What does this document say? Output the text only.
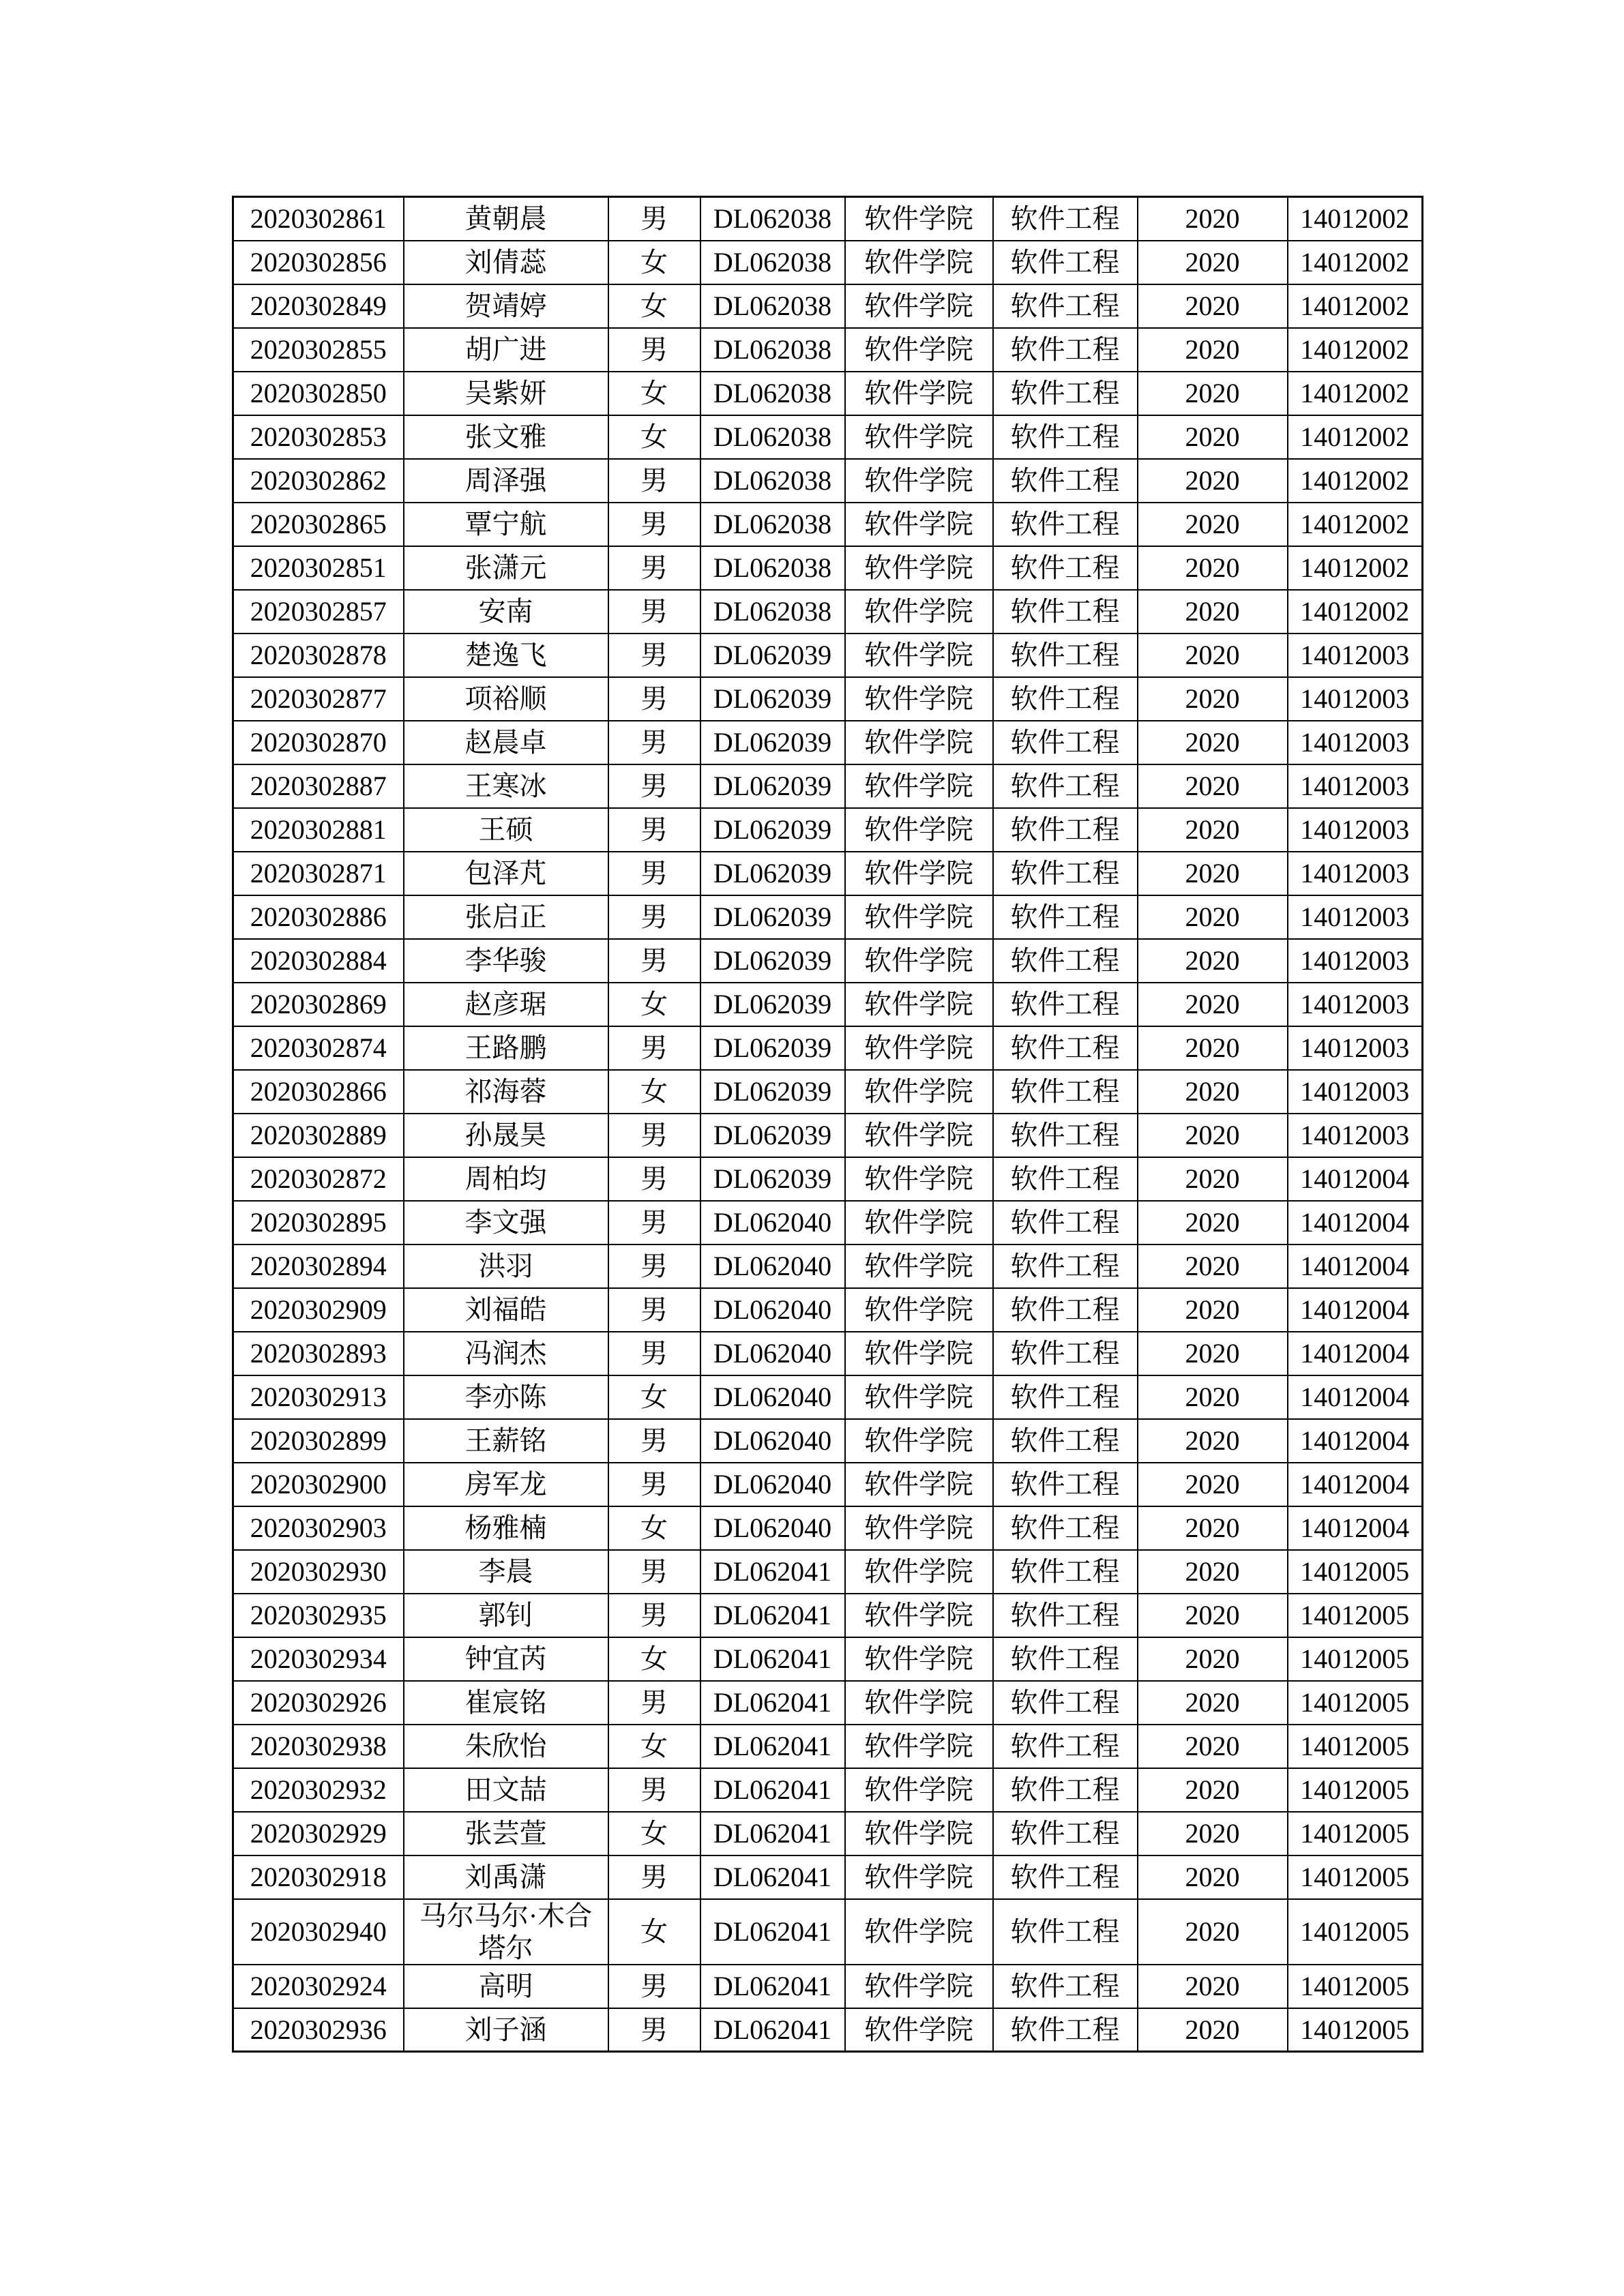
2020302861	黄朝晨	男	DL062038	软件学院	软件工程	2020	14012002
2020302856	刘倩蕊	女	DL062038	软件学院	软件工程	2020	14012002
2020302849	贺靖婷	女	DL062038	软件学院	软件工程	2020	14012002
2020302855	胡广进	男	DL062038	软件学院	软件工程	2020	14012002
2020302850	吴紫妍	女	DL062038	软件学院	软件工程	2020	14012002
2020302853	张文雅	女	DL062038	软件学院	软件工程	2020	14012002
2020302862	周泽强	男	DL062038	软件学院	软件工程	2020	14012002
2020302865	覃宁航	男	DL062038	软件学院	软件工程	2020	14012002
2020302851	张潇元	男	DL062038	软件学院	软件工程	2020	14012002
2020302857	安南	男	DL062038	软件学院	软件工程	2020	14012002
2020302878	楚逸飞	男	DL062039	软件学院	软件工程	2020	14012003
2020302877	项裕顺	男	DL062039	软件学院	软件工程	2020	14012003
2020302870	赵晨卓	男	DL062039	软件学院	软件工程	2020	14012003
2020302887	王寒冰	男	DL062039	软件学院	软件工程	2020	14012003
2020302881	王硕	男	DL062039	软件学院	软件工程	2020	14012003
2020302871	包泽芃	男	DL062039	软件学院	软件工程	2020	14012003
2020302886	张启正	男	DL062039	软件学院	软件工程	2020	14012003
2020302884	李华骏	男	DL062039	软件学院	软件工程	2020	14012003
2020302869	赵彦琚	女	DL062039	软件学院	软件工程	2020	14012003
2020302874	王路鹏	男	DL062039	软件学院	软件工程	2020	14012003
2020302866	祁海蓉	女	DL062039	软件学院	软件工程	2020	14012003
2020302889	孙晟昊	男	DL062039	软件学院	软件工程	2020	14012003
2020302872	周柏均	男	DL062039	软件学院	软件工程	2020	14012004
2020302895	李文强	男	DL062040	软件学院	软件工程	2020	14012004
2020302894	洪羽	男	DL062040	软件学院	软件工程	2020	14012004
2020302909	刘福皓	男	DL062040	软件学院	软件工程	2020	14012004
2020302893	冯润杰	男	DL062040	软件学院	软件工程	2020	14012004
2020302913	李亦陈	女	DL062040	软件学院	软件工程	2020	14012004
2020302899	王薪铭	男	DL062040	软件学院	软件工程	2020	14012004
2020302900	房军龙	男	DL062040	软件学院	软件工程	2020	14012004
2020302903	杨雅楠	女	DL062040	软件学院	软件工程	2020	14012004
2020302930	李晨	男	DL062041	软件学院	软件工程	2020	14012005
2020302935	郭钊	男	DL062041	软件学院	软件工程	2020	14012005
2020302934	钟宜芮	女	DL062041	软件学院	软件工程	2020	14012005
2020302926	崔宸铭	男	DL062041	软件学院	软件工程	2020	14012005
2020302938	朱欣怡	女	DL062041	软件学院	软件工程	2020	14012005
2020302932	田文喆	男	DL062041	软件学院	软件工程	2020	14012005
2020302929	张芸萱	女	DL062041	软件学院	软件工程	2020	14012005
2020302918	刘禹潇	男	DL062041	软件学院	软件工程	2020	14012005
2020302940	马尔马尔·木合塔尔	女	DL062041	软件学院	软件工程	2020	14012005
2020302924	高明	男	DL062041	软件学院	软件工程	2020	14012005
2020302936	刘子涵	男	DL062041	软件学院	软件工程	2020	14012005
